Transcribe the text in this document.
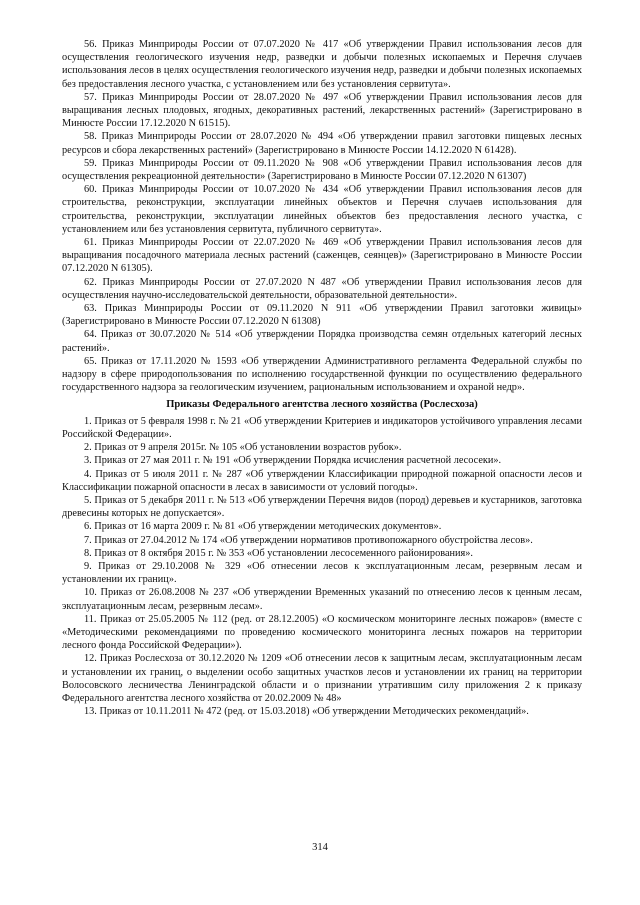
56. Приказ Минприроды России от 07.07.2020 № 417 «Об утверждении Правил использования лесов для осуществления геологического изучения недр, разведки и добычи полезных ископаемых и Перечня случаев использования лесов в целях осуществления геологического изучения недр, разведки и добычи полезных ископаемых без предоставления лесного участка, с установлением или без установления сервитута».

57. Приказ Минприроды России от 28.07.2020 № 497 «Об утверждении Правил использования лесов для выращивания лесных плодовых, ягодных, декоративных растений, лекарственных растений» (Зарегистрировано в Минюсте России 17.12.2020 N 61515).

58. Приказ Минприроды России от 28.07.2020 № 494 «Об утверждении правил заготовки пищевых лесных ресурсов и сбора лекарственных растений» (Зарегистрировано в Минюсте России 14.12.2020 N 61428).

59. Приказ Минприроды России от 09.11.2020 № 908 «Об утверждении Правил использования лесов для осуществления рекреационной деятельности» (Зарегистрировано в Минюсте России 07.12.2020 N 61307)

60. Приказ Минприроды России от 10.07.2020 № 434 «Об утверждении Правил использования лесов для строительства, реконструкции, эксплуатации линейных объектов и Перечня случаев использования для строительства, реконструкции, эксплуатации линейных объектов без предоставления лесного участка, с установлением или без установления сервитута, публичного сервитута».

61. Приказ Минприроды России от 22.07.2020 № 469 «Об утверждении Правил использования лесов для выращивания посадочного материала лесных растений (саженцев, сеянцев)» (Зарегистрировано в Минюсте России 07.12.2020 N 61305).

62. Приказ Минприроды России от 27.07.2020 N 487 «Об утверждении Правил использования лесов для осуществления научно-исследовательской деятельности, образовательной деятельности».

63. Приказ Минприроды России от 09.11.2020 N 911 «Об утверждении Правил заготовки живицы» (Зарегистрировано в Минюсте России 07.12.2020 N 61308)

64. Приказ от 30.07.2020 № 514 «Об утверждении Порядка производства семян отдельных категорий лесных растений».

65. Приказ от 17.11.2020 № 1593 «Об утверждении Административного регламента Федеральной службы по надзору в сфере природопользования по исполнению государственной функции по осуществлению федерального государственного надзора за геологическим изучением, рациональным использованием и охраной недр».

Приказы Федерального агентства лесного хозяйства (Рослесхоза)

1. Приказ от 5 февраля 1998 г. № 21 «Об утверждении Критериев и индикаторов устойчивого управления лесами Российской Федерации».

2. Приказ от 9 апреля 2015г. № 105 «Об установлении возрастов рубок».

3. Приказ от 27 мая 2011 г. № 191 «Об утверждении Порядка исчисления расчетной лесосеки».

4. Приказ от 5 июля 2011 г. № 287 «Об утверждении Классификации природной пожарной опасности лесов и Классификации пожарной опасности в лесах в зависимости от условий погоды».

5. Приказ от 5 декабря 2011 г. № 513 «Об утверждении Перечня видов (пород) деревьев и кустарников, заготовка древесины которых не допускается».

6. Приказ от 16 марта 2009 г. № 81 «Об утверждении методических документов».

7. Приказ от 27.04.2012 № 174 «Об утверждении нормативов противопожарного обустройства лесов».

8. Приказ от 8 октября 2015 г. № 353 «Об установлении лесосеменного районирования».

9. Приказ от 29.10.2008 № 329 «Об отнесении лесов к эксплуатационным лесам, резервным лесам и установлении их границ».

10. Приказ от 26.08.2008 № 237 «Об утверждении Временных указаний по отнесению лесов к ценным лесам, эксплуатационным лесам, резервным лесам».

11. Приказ от 25.05.2005 № 112 (ред. от 28.12.2005) «О космическом мониторинге лесных пожаров» (вместе с «Методическими рекомендациями по проведению космического мониторинга лесных пожаров на территории лесного фонда Российской Федерации»).

12. Приказ Рослесхоза от 30.12.2020 № 1209 «Об отнесении лесов к защитным лесам, эксплуатационным лесам и установлении их границ, о выделении особо защитных участков лесов и установлении их границ на территории Волосовского лесничества Ленинградской области и о признании утратившим силу приложения 2 к приказу Федерального агентства лесного хозяйства от 20.02.2009 № 48»

13. Приказ от 10.11.2011 № 472 (ред. от 15.03.2018) «Об утверждении Методических рекомендаций».

314
